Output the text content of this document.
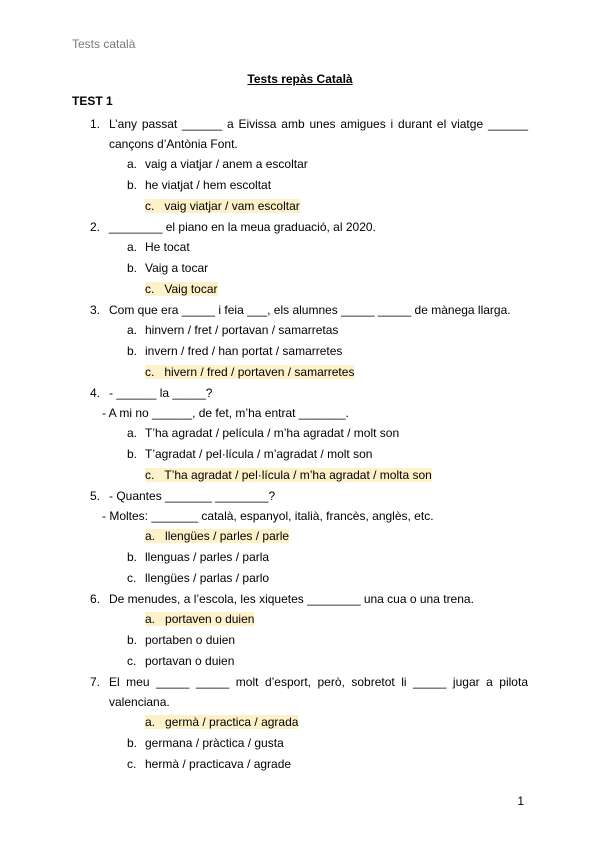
Tests català
Tests repàs Català
TEST 1
1. L’any passat ______ a Eivissa amb unes amigues i durant el viatge ______ cançons d’Antònia Font.
a. vaig a viatjar / anem a escoltar
b. he viatjat / hem escoltat
c. vaig viatjar / vam escoltar
2. ________ el piano en la meua graduació, al 2020.
a. He tocat
b. Vaig a tocar
c. Vaig tocar
3. Com que era _____ i feia ___, els alumnes _____ _____ de mànega llarga.
a. hinvern / fret / portavan / samarretas
b. invern / fred / han portat / samarretes
c. hivern / fred / portaven / samarretes
4. - ______ la _____?
- A mi no ______, de fet, m’ha entrat _______.
a. T’ha agradat / película / m’ha agradat / molt son
b. T’agradat / pel·lícula / m’agradat / molt son
c. T’ha agradat / pel·lícula / m’ha agradat / molta son
5. - Quantes _______ ________?
- Moltes: _______ català, espanyol, italià, francès, anglès, etc.
a. llengües / parles / parle
b. llenguas / parles / parla
c. llengües / parlas / parlo
6. De menudes, a l’escola, les xiquetes ________ una cua o una trena.
a. portaven o duien
b. portaben o duien
c. portavan o duien
7. El meu _____ _____ molt d’esport, però, sobretot li _____ jugar a pilota valenciana.
a. germà / practica / agrada
b. germana / pràctica / gusta
c. hermà / practicava / agrade
1
